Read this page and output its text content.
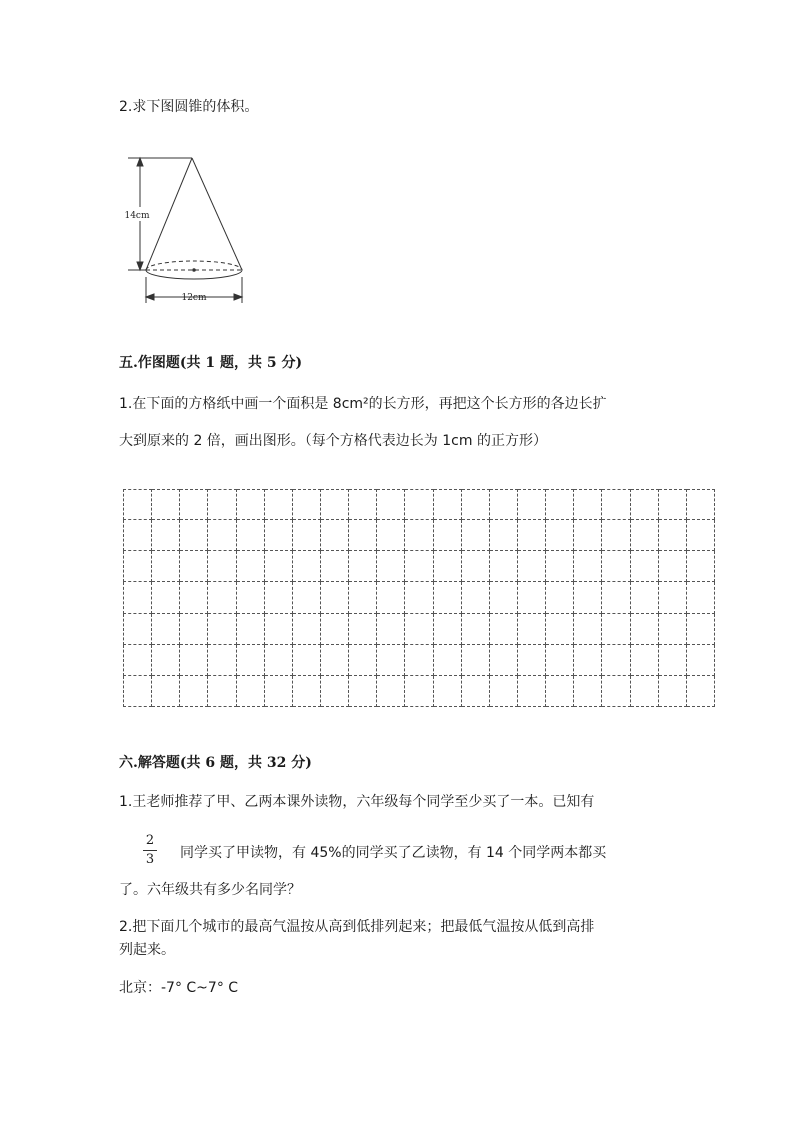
2.求下图圆锥的体积。
14cm
12cm
五.作图题(共 1 题，共 5 分)
1.在下面的方格纸中画一个面积是 8cm²的长方形，再把这个长方形的各边长扩
大到原来的 2 倍，画出图形。（每个方格代表边长为 1cm 的正方形）
六.解答题(共 6 题，共 32 分)
1.王老师推荐了甲、乙两本课外读物，六年级每个同学至少买了一本。已知有
2
3 同学买了甲读物，有 45%的同学买了乙读物，有 14 个同学两本都买
了。六年级共有多少名同学？
2.把下面几个城市的最高气温按从高到低排列起来；把最低气温按从低到高排
列起来。
北京：-7° C~7° C
